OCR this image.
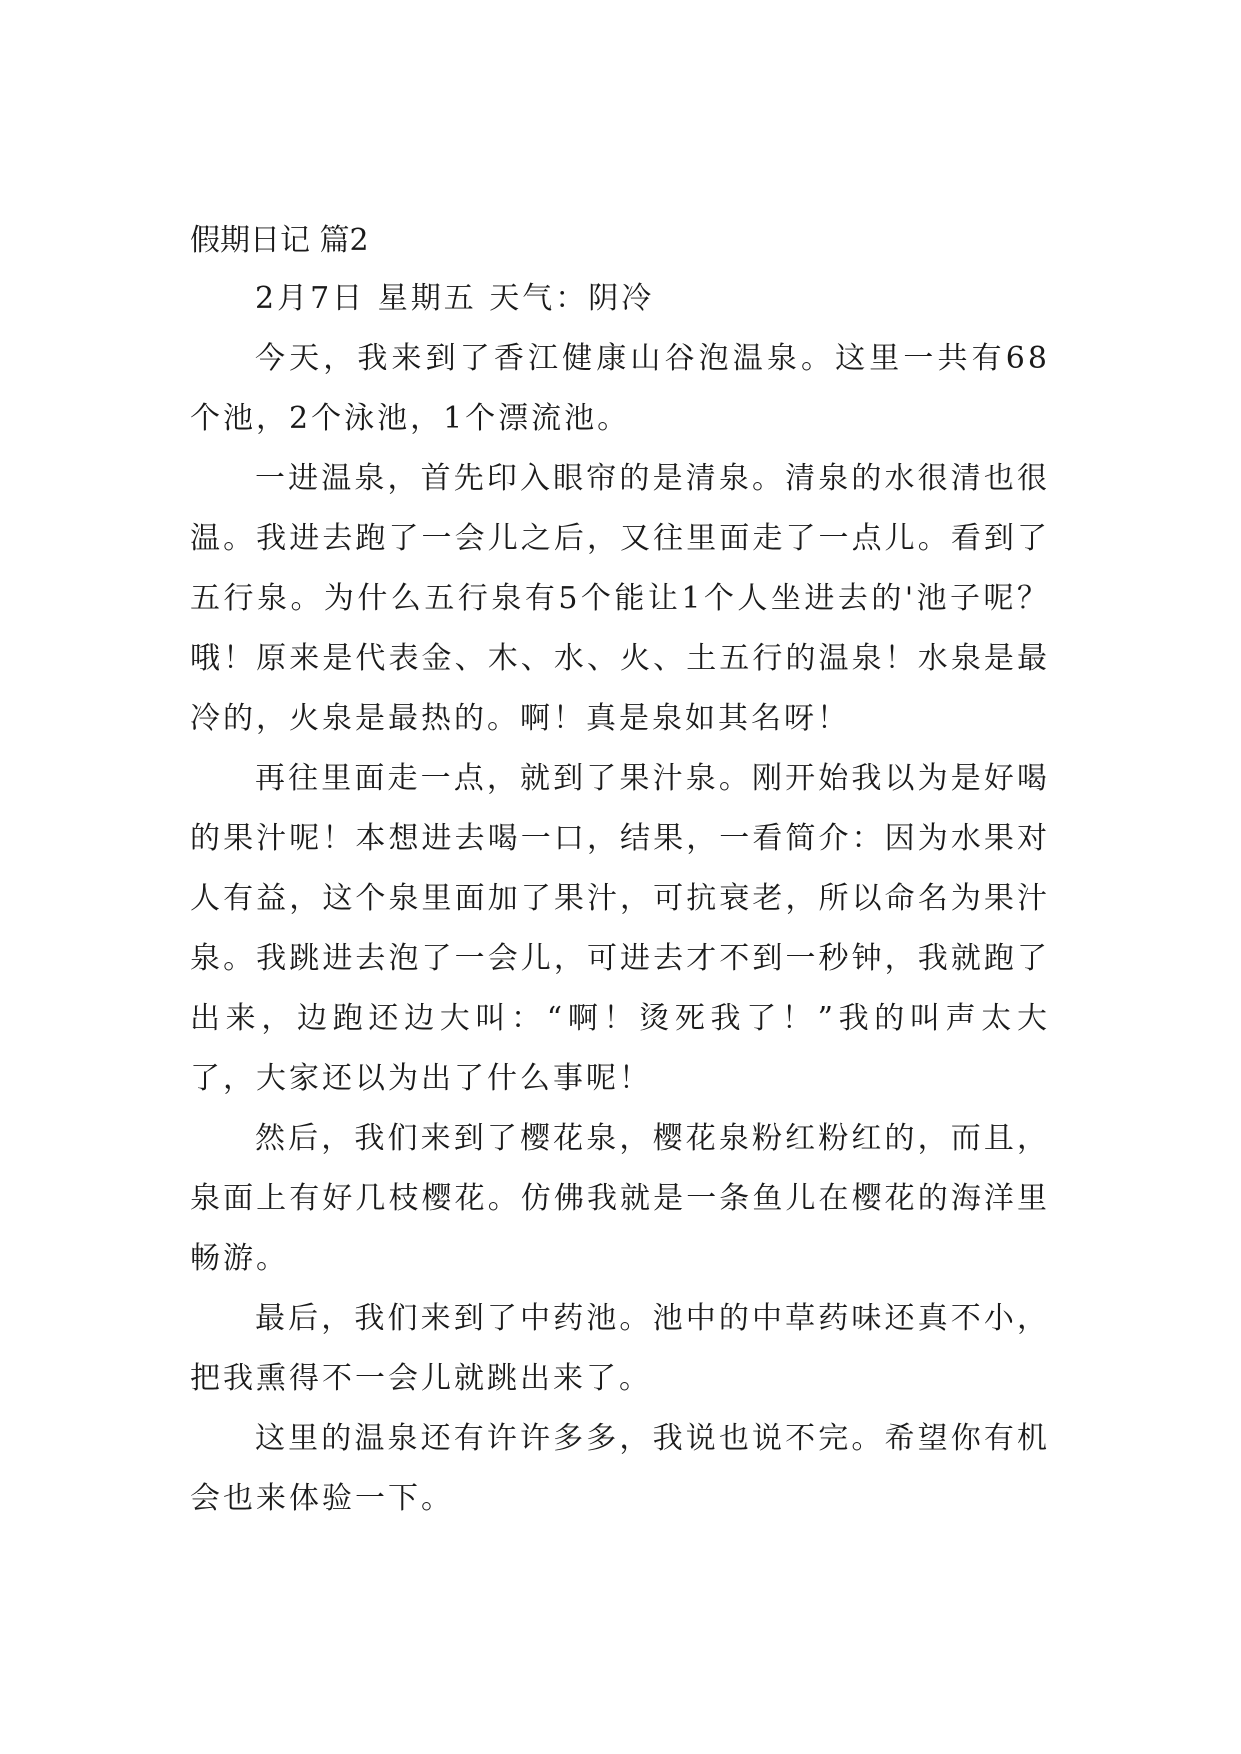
假期日记 篇2

2月7日 星期五 天气：阴冷

今天，我来到了香江健康山谷泡温泉。这里一共有68个池，2个泳池，1个漂流池。

一进温泉，首先印入眼帘的是清泉。清泉的水很清也很温。我进去跑了一会儿之后，又往里面走了一点儿。看到了五行泉。为什么五行泉有5个能让1个人坐进去的'池子呢？哦！原来是代表金、木、水、火、土五行的温泉！水泉是最冷的，火泉是最热的。啊！真是泉如其名呀！

再往里面走一点，就到了果汁泉。刚开始我以为是好喝的果汁呢！本想进去喝一口，结果，一看简介：因为水果对人有益，这个泉里面加了果汁，可抗衰老，所以命名为果汁泉。我跳进去泡了一会儿，可进去才不到一秒钟，我就跑了出来，边跑还边大叫：“啊！烫死我了！”我的叫声太大了，大家还以为出了什么事呢！

然后，我们来到了樱花泉，樱花泉粉红粉红的，而且，泉面上有好几枝樱花。仿佛我就是一条鱼儿在樱花的海洋里畅游。

最后，我们来到了中药池。池中的中草药味还真不小，把我熏得不一会儿就跳出来了。

这里的温泉还有许许多多，我说也说不完。希望你有机会也来体验一下。
